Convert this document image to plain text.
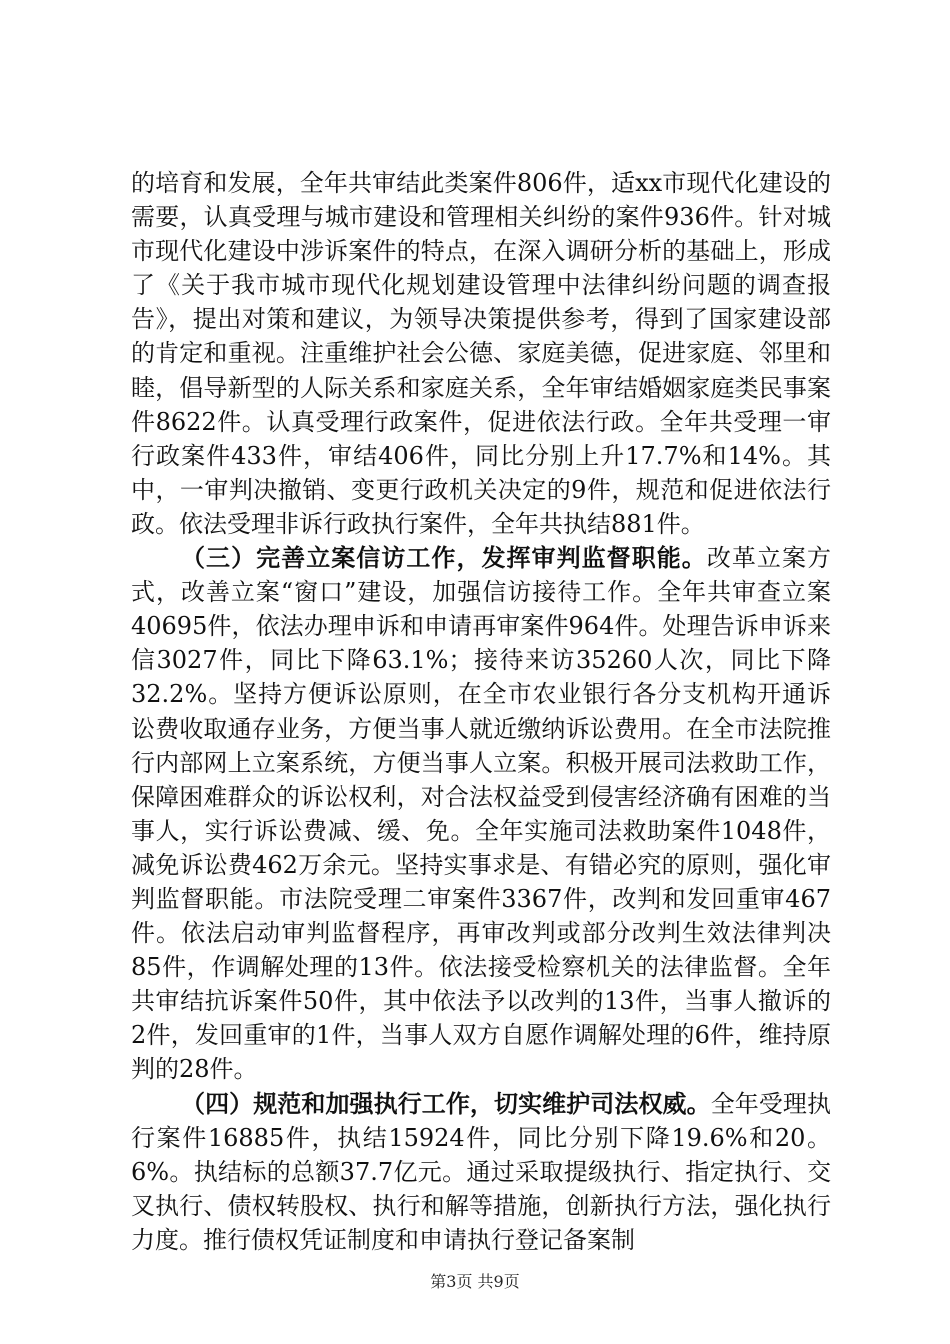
的培育和发展，全年共审结此类案件806件，适xx市现代化建设的需要，认真受理与城市建设和管理相关纠纷的案件936件。针对城市现代化建设中涉诉案件的特点，在深入调研分析的基础上，形成了《关于我市城市现代化规划建设管理中法律纠纷问题的调查报告》，提出对策和建议，为领导决策提供参考，得到了国家建设部的肯定和重视。注重维护社会公德、家庭美德，促进家庭、邻里和睦，倡导新型的人际关系和家庭关系，全年审结婚姻家庭类民事案件8622件。认真受理行政案件，促进依法行政。全年共受理一审行政案件433件，审结406件，同比分别上升17.7%和14%。其中，一审判决撤销、变更行政机关决定的9件，规范和促进依法行政。依法受理非诉行政执行案件，全年共执结881件。

（三）完善立案信访工作，发挥审判监督职能。改革立案方式，改善立案“窗口”建设，加强信访接待工作。全年共审查立案40695件，依法办理申诉和申请再审案件964件。处理告诉申诉来信3027件，同比下降63.1%；接待来访35260人次，同比下降32.2%。坚持方便诉讼原则，在全市农业银行各分支机构开通诉讼费收取通存业务，方便当事人就近缴纳诉讼费用。在全市法院推行内部网上立案系统，方便当事人立案。积极开展司法救助工作，保障困难群众的诉讼权利，对合法权益受到侵害经济确有困难的当事人，实行诉讼费减、缓、免。全年实施司法救助案件1048件，减免诉讼费462万余元。坚持实事求是、有错必究的原则，强化审判监督职能。市法院受理二审案件3367件，改判和发回重审467件。依法启动审判监督程序，再审改判或部分改判生效法律判决85件，作调解处理的13件。依法接受检察机关的法律监督。全年共审结抗诉案件50件，其中依法予以改判的13件，当事人撤诉的2件，发回重审的1件，当事人双方自愿作调解处理的6件，维持原判的28件。

（四）规范和加强执行工作，切实维护司法权威。全年受理执行案件16885件，执结15924件，同比分别下降19.6%和20。6%。执结标的总额37.7亿元。通过采取提级执行、指定执行、交叉执行、债权转股权、执行和解等措施，创新执行方法，强化执行力度。推行债权凭证制度和申请执行登记备案制

第3页 共9页
